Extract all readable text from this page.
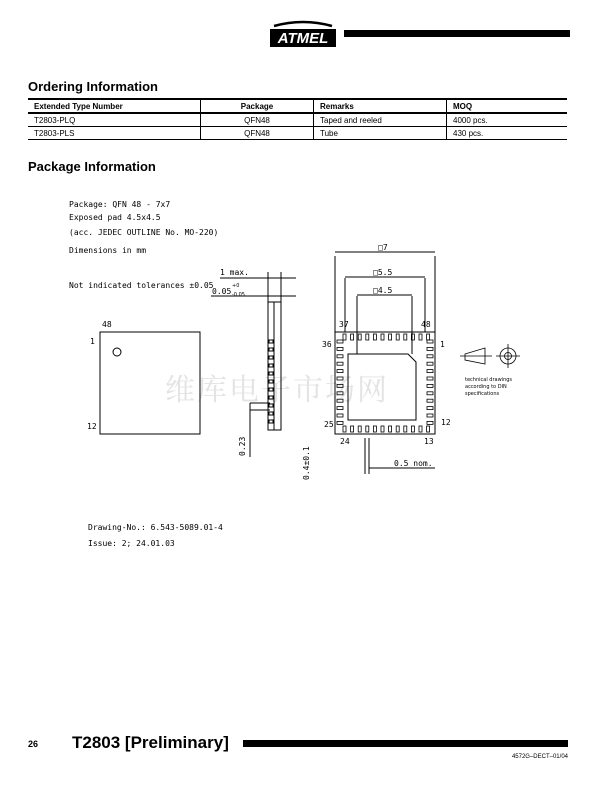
ATMEL
Ordering Information
Extended Type Number	Package	Remarks	MOQ
T2803-PLQ	QFN48	Taped and reeled	4000 pcs.
T2803-PLS	QFN48	Tube	430 pcs.
Package Information
维库电子市场网
Package: QFN 48 - 7x7
Exposed pad 4.5x4.5
(acc. JEDEC OUTLINE No. MO-220)
Dimensions in mm
Not indicated tolerances ±0.05
48
1
12
1 max.
0.05
+0
-0.05
0.23
□7
□5.5
□4.5
0.4±0.1	0.5 nom.
37	48
36	1
25	12
24	13
technical drawings
according to DIN
specifications
Drawing-No.: 6.543-5089.01-4
Issue: 2; 24.01.03
26 T2803 [Preliminary]
4572G–DECT–01/04
